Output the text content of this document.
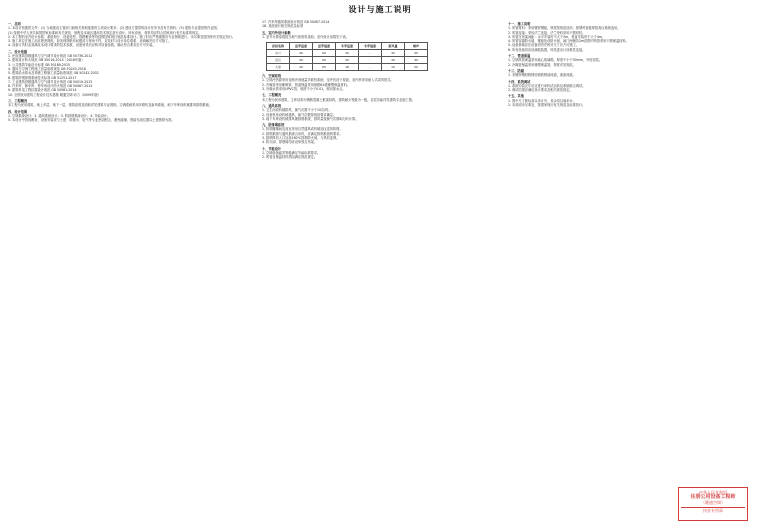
设计与施工说明
一、总则
1. 本设计依据的文件：(1) 当地建设主管部门和相关规划批准的立项设计要求；(2) 建设方提供的设计任务书及有关资料；(3) 建筑专业提供的作业图。
(1) 按照中华人民共和国国家标准和有关规范、规程及本地区通用技术规定进行设计，所有设备、材料均应符合国家现行有关标准的规定。
2. 本工程的室内设计参数、系统划分、设备选型、管路敷设等均按照国家现行规范标准设计。施工时应严格遵照各专业图纸进行，未尽事宜按国家有关规定执行。
3. 施工单位在施工前应熟悉图纸，如发现图纸有问题或与现场不符，应及时与设计单位联系，协商解决后方可施工。
4. 设备订货时必须满足本设计要求的技术参数，设备到货后应核对设备参数，确认符合要求后方可安装。
二、设计依据
1. 民用建筑供暖通风与空气调节设计规范 GB 50736-2012
2. 建筑设计防火规范 GB 50016-2014（2018年版）
3. 公共建筑节能设计标准 GB 50189-2015
4. 通风与空调工程施工质量验收规范 GB 50243-2016
5. 建筑给水排水及采暖工程施工质量验收规范 GB 50242-2002
6. 建筑防烟排烟系统技术标准 GB 51251-2017
7. 工业建筑供暖通风与空气调节设计规范 GB 50019-2015
8. 汽车库、修车库、停车场设计防火规范 GB 50067-2014
9. 建筑机电工程抗震设计规范 GB 50981-2014
10. 全国民用建筑工程设计技术措施 暖通空调·动力（2009年版）
三、工程概况
本工程为民用建筑，地上多层，地下一层，建筑高度及面积详见建筑专业图纸。空调系统采用多联机及新风系统，地下车库设机械排风排烟系统。
四、设计范围
1. 空调系统设计；2. 通风系统设计；3. 防排烟系统设计；4. 节能设计。
5. 本设计中管线敷设、设备安装应与土建、给排水、电气等专业密切配合，避免碰撞，预留孔洞位置以土建图纸为准。
17. 汽车库通风系统设计规范 GB 50067-2014
18. 其他现行相关规范及标准
五、室内外设计参数
1. 室外计算参数按当地气象资料选取；室内设计参数见下表。
房间名称	夏季温度	夏季湿度	冬季温度	冬季湿度	新风量	噪声
办公	26	60	20	-	30	45
会议	26	60	20	-	30	40
大堂	26	65	18	-	10	50
六、空调系统
1. 空调冷热源采用变制冷剂流量多联机系统，室外机设于屋面，室内机采用嵌入式或风管式。
2. 冷媒管采用紫铜管，管道保温采用难燃B1级橡塑保温材料。
3. 冷凝水管采用UPVC管，坡度不小于0.01，坡向排水点。
七、工程概况
本工程为民用建筑，主体结构为钢筋混凝土框架结构，建筑耐火等级为一级，各层功能详见建筑专业施工图。
八、通风系统
1. 卫生间设机械排风，换气次数不小于10次/时。
2. 设备机房设机械通风，换气次数按规范要求确定。
3. 地下车库设机械排风兼排烟系统，排风量按换气次数6次/时计算。
九、防排烟系统
1. 防烟楼梯间及前室采用自然通风或机械加压送风防烟。
2. 排烟系统与通风系统合用时，应满足排烟系统的要求。
3. 排烟风机入口处设280℃排烟防火阀，与风机连锁。
4. 防火阀、排烟阀均应设单独支吊架。
十、节能设计
1. 空调设备能效等级满足节能标准要求。
2. 风管及保温材料热阻满足规范规定。
十一、施工说明
1. 风管材料：采用镀锌钢板，厚度按规范选用；排烟风管板厚按高压系统选用。
2. 风管连接：采用法兰连接，法兰垫料采用不燃材料。
3. 风管支吊架间距：水平安装时不大于3m，垂直安装时不大于4m。
4. 风管穿越防火墙、楼板处设防火阀，阀门两侧各2m范围内风管采用不燃保温材料。
5. 设备基础应在设备到货并核对尺寸后方可施工。
6. 所有设备均应设减振装置，风机进出口设柔性连接。
十二、管道保温
1. 空调风管保温采用离心玻璃棉，厚度不小于30mm，外包铝箔。
2. 冷媒管保温采用橡塑保温管，厚度详见规范。
十三、防腐
1. 非镀锌钢材除锈后刷防锈漆两道，面漆两道。
十四、系统调试
1. 系统安装完毕后应进行单机试运转及系统联合调试。
2. 调试结果应满足设计要求及相关规范规定。
十五、其他
1. 图中尺寸除标高以米计外，其余均以毫米计。
2. 本说明未尽事宜，按国家现行有关规范及标准执行。
中华人民共和国
注册公用设备工程师
（暖通空调）
执业专用章
